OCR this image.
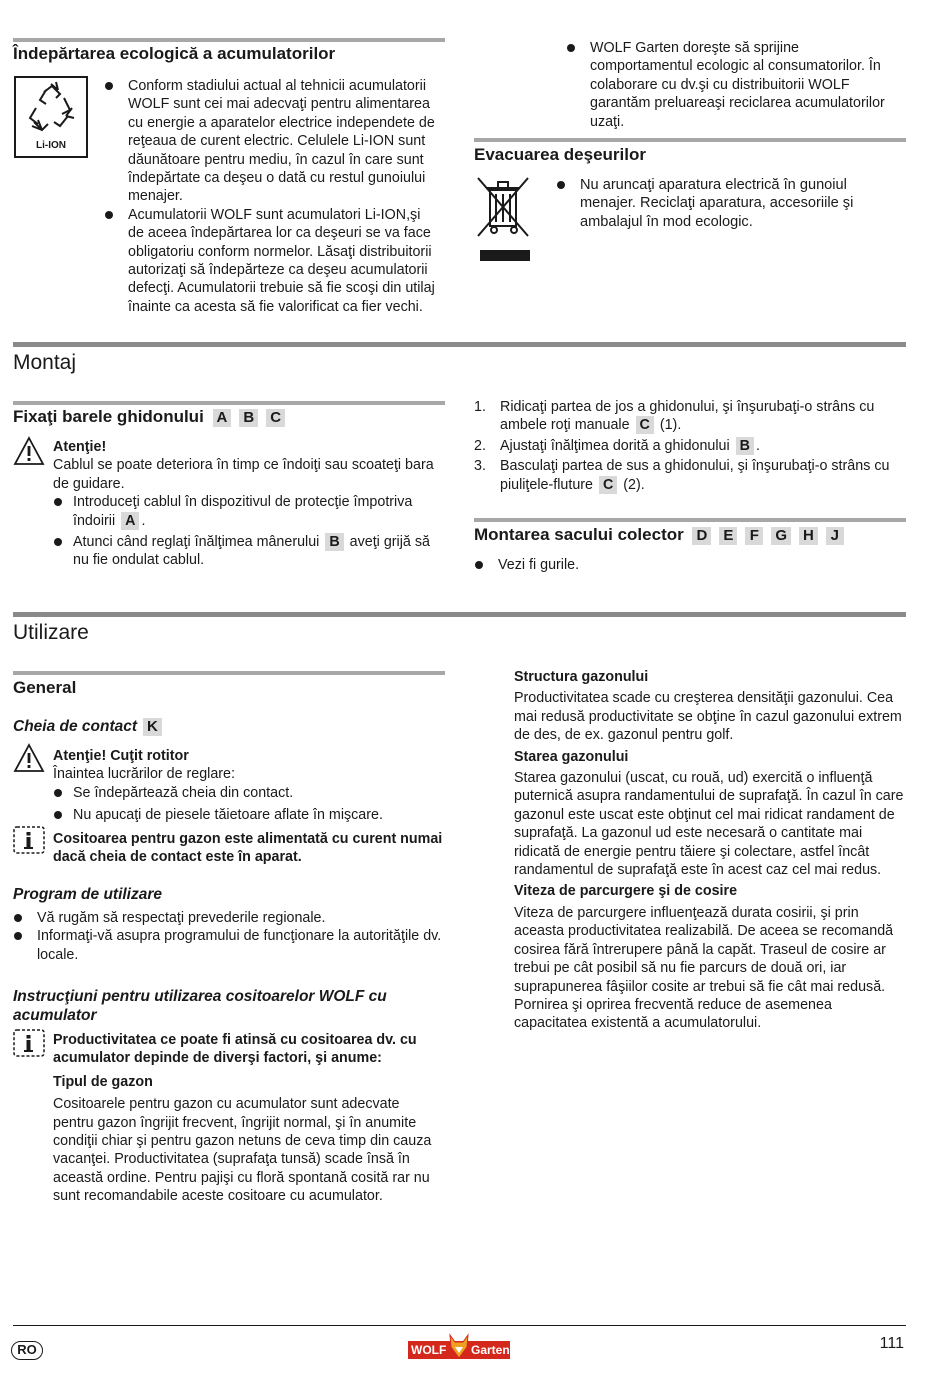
Îndepărtarea ecologică a acumulatorilor
Li-ION
Conform stadiului actual al tehnicii acumulatorii WOLF sunt cei mai adecvaţi pentru alimentarea cu energie a aparatelor electrice independete de reţeaua de curent electric. Celulele Li-ION sunt dăunătoare pentru mediu, în cazul în care sunt îndepărtate ca deşeu o dată cu restul gunoiului menajer.
Acumulatorii WOLF sunt acumulatori Li-ION,şi de aceea îndepărtarea lor ca deşeuri se va face obligatoriu conform normelor. Lăsaţi distribuitorii autorizaţi să îndepărteze ca deşeu acumulatorii defecţi. Acumulatorii trebuie să fie scoşi din utilaj înainte ca acesta să fie valorificat ca fier vechi.
WOLF Garten doreşte să sprijine comportamentul ecologic al consumatorilor. În colaborare cu dv.şi cu distribuitorii WOLF garantăm preluareaşi reciclarea acumulatorilor uzaţi.
Evacuarea deşeurilor
Nu aruncaţi aparatura electrică în gunoiul menajer. Reciclaţi aparatura, accesoriile şi ambalajul în mod ecologic.
Montaj
Fixaţi barele ghidonului A B C
Atenţie!
Cablul se poate deteriora în timp ce îndoiţi sau scoateţi bara de guidare.
Introduceţi cablul în dispozitivul de protecţie împotriva îndoirii A .
Atunci când reglaţi înălţimea mânerului B aveţi grijă să nu fie ondulat cablul.
1. Ridicaţi partea de jos a ghidonului, şi înşurubaţi-o strâns cu ambele roţi manuale C (1).
2. Ajustaţi înălţimea dorită a ghidonului B .
3. Basculaţi partea de sus a ghidonului, şi înşurubaţi-o strâns cu piuliţele-fluture C (2).
Montarea sacului colector D E F G H J
Vezi fi gurile.
Utilizare
General
Cheia de contact K
Atenţie! Cuţit rotitor
Înaintea lucrărilor de reglare:
Se îndepărtează cheia din contact.
Nu apucaţi de piesele tăietoare aflate în mişcare.
Cositoarea pentru gazon este alimentată cu curent numai dacă cheia de contact este în aparat.
Program de utilizare
Vă rugăm să respectaţi prevederile regionale.
Informaţi-vă asupra programului de funcţionare la autorităţile dv. locale.
Instrucţiuni pentru utilizarea cositoarelor WOLF cu acumulator
Productivitatea ce poate fi atinsă cu cositoarea dv. cu acumulator depinde de diverşi factori, şi anume:
Tipul de gazon
Cositoarele pentru gazon cu acumulator sunt adecvate pentru gazon îngrijit frecvent, îngrijit normal, şi în anumite condiţii chiar şi pentru gazon netuns de ceva timp din cauza vacanţei. Productivitatea (suprafaţa tunsă) scade însă în această ordine. Pentru pajişi cu floră spontană cosită rar nu sunt recomandabile aceste cositoare cu acumulator.
Structura gazonului
Productivitatea scade cu creşterea densităţii gazonului. Cea mai redusă productivitate se obţine în cazul gazonului extrem de des, de ex. gazonul pentru golf.
Starea gazonului
Starea gazonului (uscat, cu rouă, ud) exercită o influenţă puternică asupra randamentului de suprafaţă. În cazul în care gazonul este uscat este obţinut cel mai ridicat randament de suprafaţă. La gazonul ud este necesară o cantitate mai ridicată de energie pentru tăiere şi colectare, astfel încât randamentul de suprafaţă este în acest caz cel mai redus.
Viteza de parcurgere şi de cosire
Viteza de parcurgere influenţează durata cosirii, şi prin aceasta productivitatea realizabilă. De aceea se recomandă cosirea fără întrerupere până la capăt. Traseul de cosire ar trebui pe cât posibil să nu fie parcurs de două ori, iar suprapunerea fâşiilor cosite ar trebui să fie cât mai redusă. Pornirea şi oprirea frecventă reduce de asemenea capacitatea existentă a acumulatorului.
RO	WOLF Garten	111
